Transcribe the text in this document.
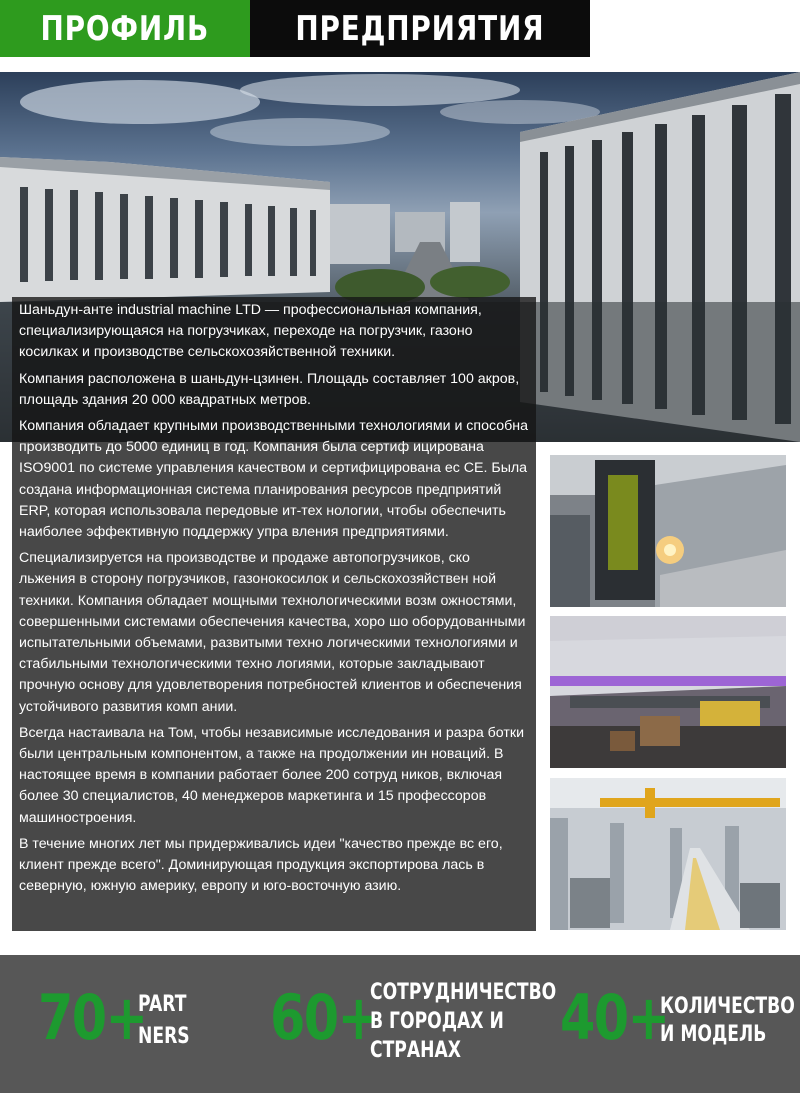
ПРОФИЛЬ	ПРЕДПРИЯТИЯ

Шаньдун-анте industrial machine LTD — профессиональная компания, специализирующаяся на погрузчиках, переходе на погрузчик, газоно косилках и производстве сельскохозяйственной техники.

Компания расположена в шаньдун-цзинен. Площадь составляет 100 акров, площадь здания 20 000 квадратных метров.

Компания обладает крупными производственными технологиями и способна производить до 5000 единиц в год. Компания была сертиф ицирована ISO9001 по системе управления качеством и сертифицирована ес CE. Была создана информационная система планирования ресурсов предприятий ERP, которая использовала передовые ит-тех нологии, чтобы обеспечить наиболее эффективную поддержку упра вления предприятиями.

Специализируется на производстве и продаже автопогрузчиков, ско льжения в сторону погрузчиков, газонокосилок и сельскохозяйствен ной техники. Компания обладает мощными технологическими возм ожностями, совершенными системами обеспечения качества, хоро шо оборудованными испытательными объемами, развитыми техно логическими технологиями и стабильными технологическими техно логиями, которые закладывают прочную основу для удовлетворения потребностей клиентов и обеспечения устойчивого развития комп ании.

Всегда настаивала на Том, чтобы независимые исследования и разра ботки были центральным компонентом, а также на продолжении ин новаций. В настоящее время в компании работает более 200 сотруд ников, включая более 30 специалистов, 40 менеджеров маркетинга и 15 профессоров машиностроения.

В течение многих лет мы придерживались идеи "качество прежде вс его, клиент прежде всего". Доминирующая продукция экспортирова лась в северную, южную америку, европу и юго-восточную азию.

70+
PART
NERS 60+
СОТРУДНИЧЕСТВО
В ГОРОДАХ И
СТРАНАХ 40+
КОЛИЧЕСТВО
И МОДЕЛЬ
